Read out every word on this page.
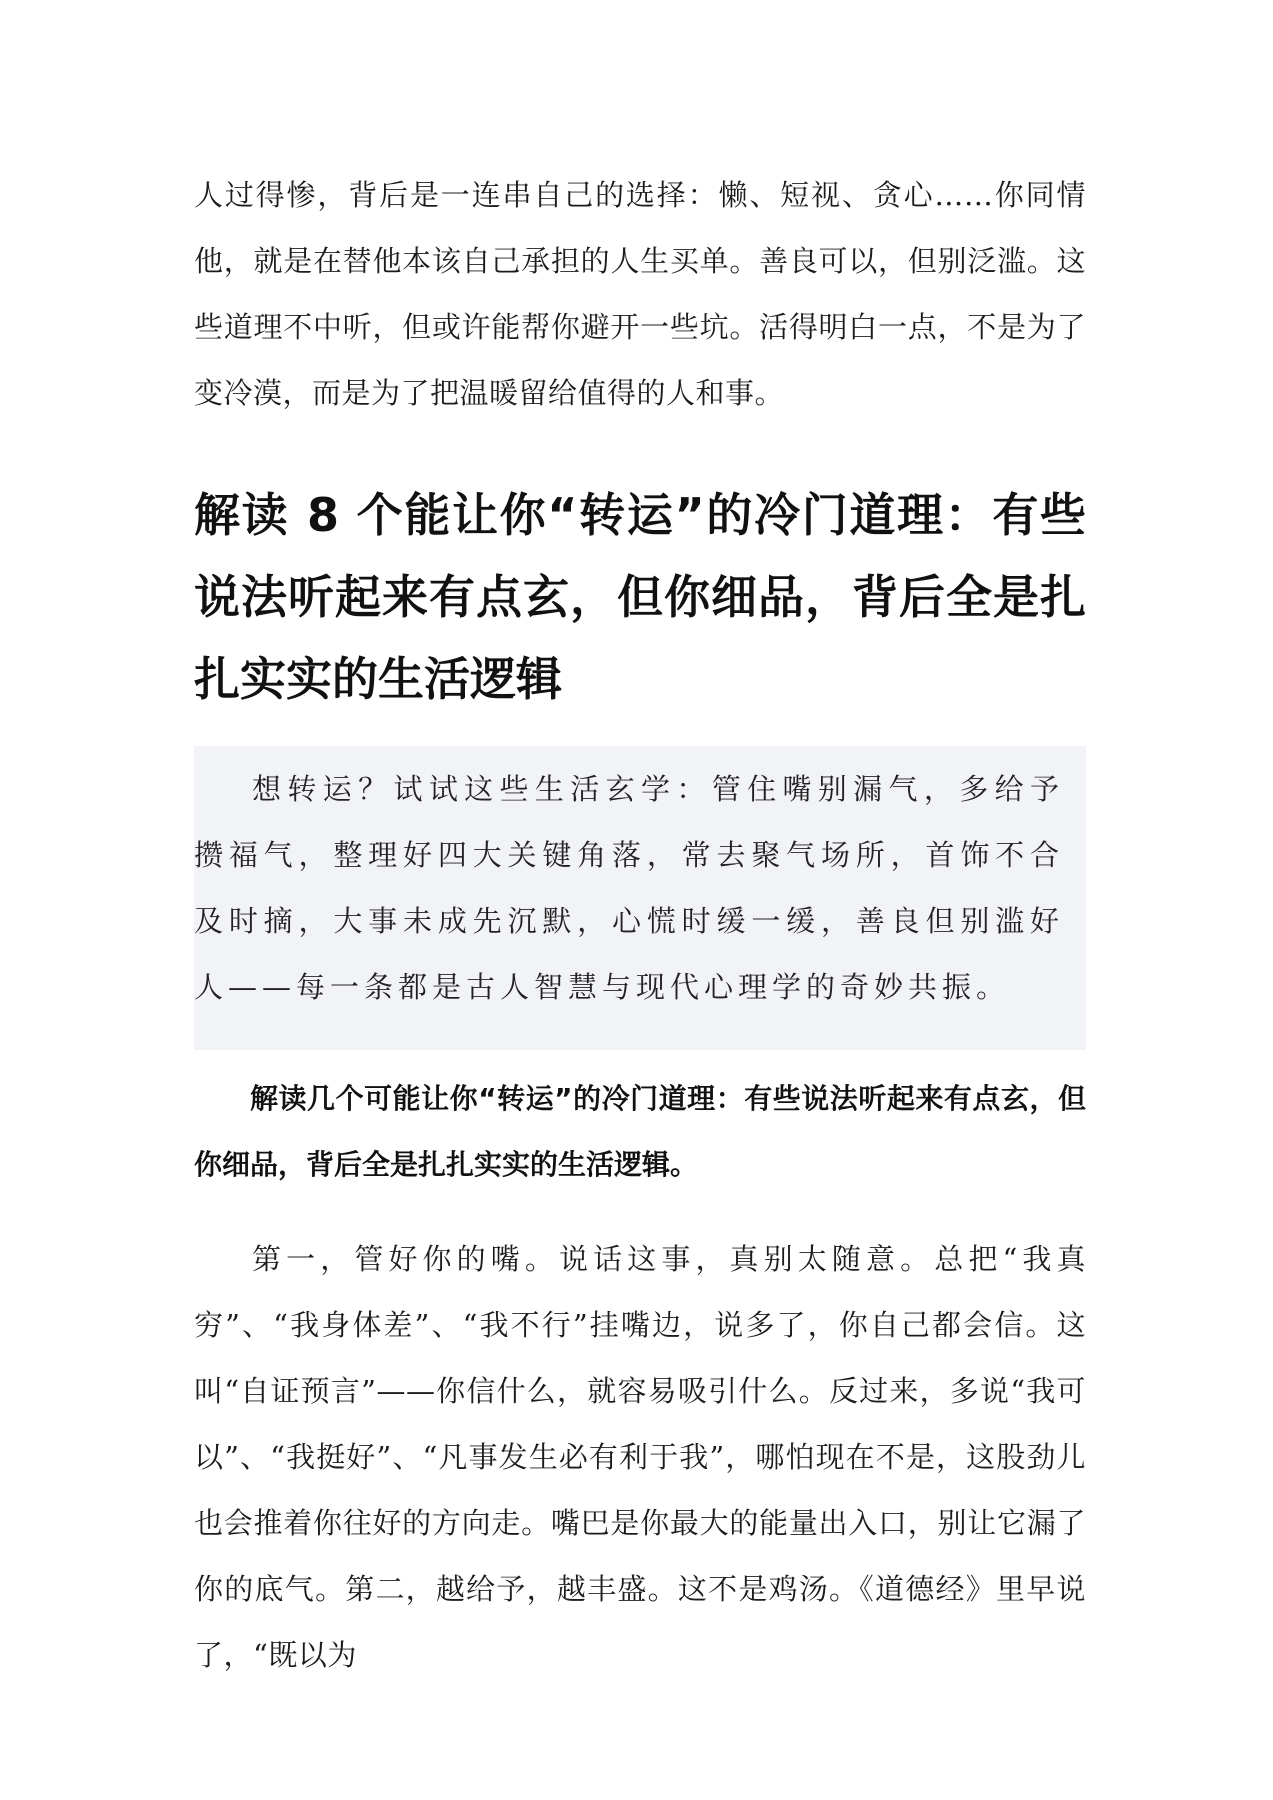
人过得惨，背后是一连串自己的选择：懒、短视、贪心……你同情他，就是在替他本该自己承担的人生买单。善良可以，但别泛滥。这些道理不中听，但或许能帮你避开一些坑。活得明白一点，不是为了变冷漠，而是为了把温暖留给值得的人和事。

解读 8 个能让你“转运”的冷门道理：有些说法听起来有点玄，但你细品，背后全是扎扎实实的生活逻辑

想转运？试试这些生活玄学：管住嘴别漏气，多给予攒福气，整理好四大关键角落，常去聚气场所，首饰不合及时摘，大事未成先沉默，心慌时缓一缓，善良但别滥好人——每一条都是古人智慧与现代心理学的奇妙共振。

解读几个可能让你“转运”的冷门道理：有些说法听起来有点玄，但你细品，背后全是扎扎实实的生活逻辑。

第一，管好你的嘴。说话这事，真别太随意。总把“我真穷”、“我身体差”、“我不行”挂嘴边，说多了，你自己都会信。这叫“自证预言”——你信什么，就容易吸引什么。反过来，多说“我可以”、“我挺好”、“凡事发生必有利于我”，哪怕现在不是，这股劲儿也会推着你往好的方向走。嘴巴是你最大的能量出入口，别让它漏了你的底气。第二，越给予，越丰盛。这不是鸡汤。《道德经》里早说了，“既以为
